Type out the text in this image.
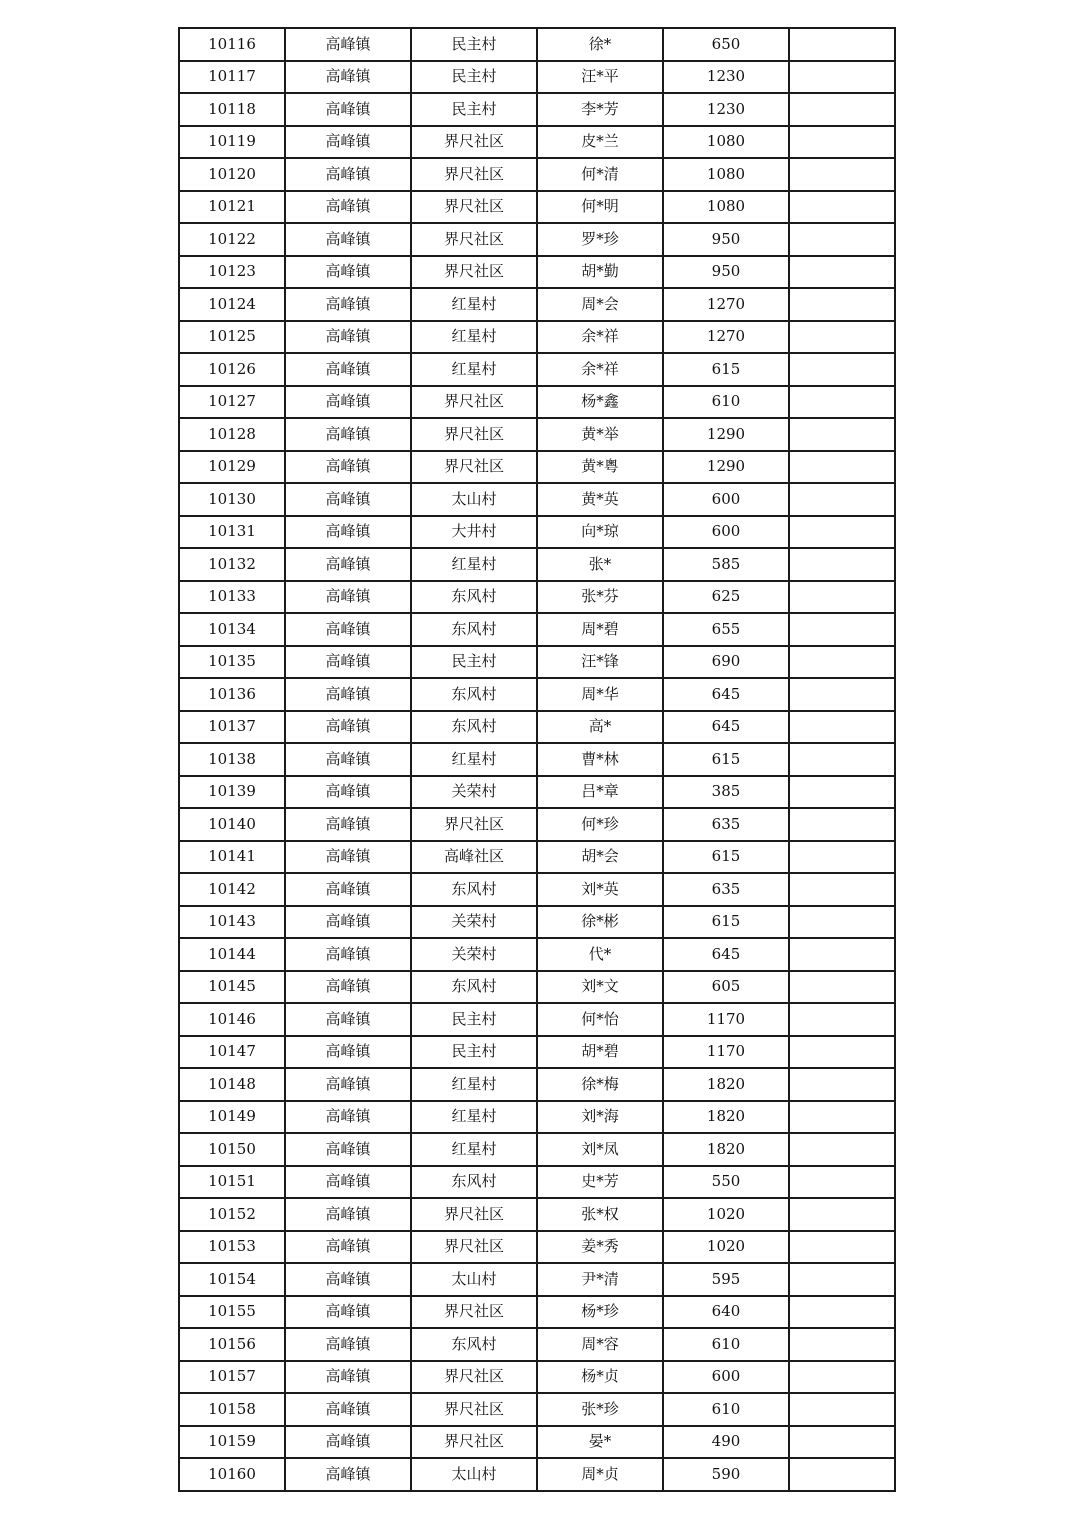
10116	高峰镇	民主村	徐*	650	
10117	高峰镇	民主村	汪*平	1230	
10118	高峰镇	民主村	李*芳	1230	
10119	高峰镇	界尺社区	皮*兰	1080	
10120	高峰镇	界尺社区	何*清	1080	
10121	高峰镇	界尺社区	何*明	1080	
10122	高峰镇	界尺社区	罗*珍	950	
10123	高峰镇	界尺社区	胡*勤	950	
10124	高峰镇	红星村	周*会	1270	
10125	高峰镇	红星村	余*祥	1270	
10126	高峰镇	红星村	余*祥	615	
10127	高峰镇	界尺社区	杨*鑫	610	
10128	高峰镇	界尺社区	黄*举	1290	
10129	高峰镇	界尺社区	黄*粤	1290	
10130	高峰镇	太山村	黄*英	600	
10131	高峰镇	大井村	向*琼	600	
10132	高峰镇	红星村	张*	585	
10133	高峰镇	东风村	张*芬	625	
10134	高峰镇	东风村	周*碧	655	
10135	高峰镇	民主村	汪*锋	690	
10136	高峰镇	东风村	周*华	645	
10137	高峰镇	东风村	高*	645	
10138	高峰镇	红星村	曹*林	615	
10139	高峰镇	关荣村	吕*章	385	
10140	高峰镇	界尺社区	何*珍	635	
10141	高峰镇	高峰社区	胡*会	615	
10142	高峰镇	东风村	刘*英	635	
10143	高峰镇	关荣村	徐*彬	615	
10144	高峰镇	关荣村	代*	645	
10145	高峰镇	东风村	刘*文	605	
10146	高峰镇	民主村	何*怡	1170	
10147	高峰镇	民主村	胡*碧	1170	
10148	高峰镇	红星村	徐*梅	1820	
10149	高峰镇	红星村	刘*海	1820	
10150	高峰镇	红星村	刘*凤	1820	
10151	高峰镇	东风村	史*芳	550	
10152	高峰镇	界尺社区	张*权	1020	
10153	高峰镇	界尺社区	姜*秀	1020	
10154	高峰镇	太山村	尹*清	595	
10155	高峰镇	界尺社区	杨*珍	640	
10156	高峰镇	东风村	周*容	610	
10157	高峰镇	界尺社区	杨*贞	600	
10158	高峰镇	界尺社区	张*珍	610	
10159	高峰镇	界尺社区	晏*	490	
10160	高峰镇	太山村	周*贞	590	
